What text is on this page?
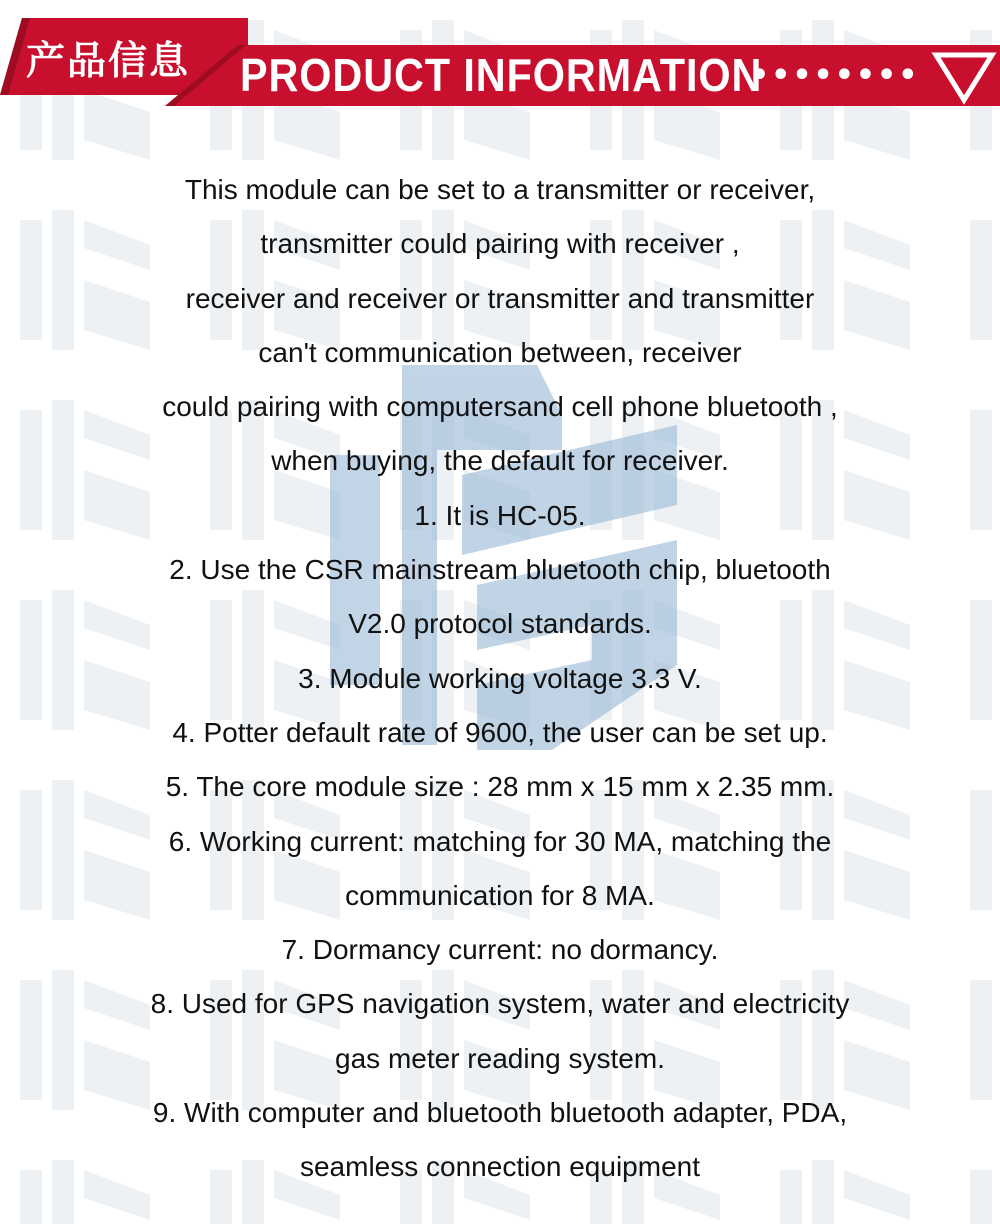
产品信息 PRODUCT INFORMATION
••••••••
This module can be set to a transmitter or receiver,
transmitter could pairing with receiver ,
receiver and receiver or transmitter and transmitter
can't communication between, receiver
could pairing with computersand cell phone bluetooth ,
when buying, the default for receiver.
1. It is HC-05.
2. Use the CSR mainstream bluetooth chip, bluetooth
V2.0 protocol standards.
3. Module working voltage 3.3 V.
4. Potter default rate of 9600, the user can be set up.
5. The core module size : 28 mm x 15 mm x 2.35 mm.
6. Working current: matching for 30 MA, matching the
communication for 8 MA.
7. Dormancy current: no dormancy.
8. Used for GPS navigation system, water and electricity
gas meter reading system.
9. With computer and bluetooth bluetooth adapter, PDA,
seamless connection equipment
